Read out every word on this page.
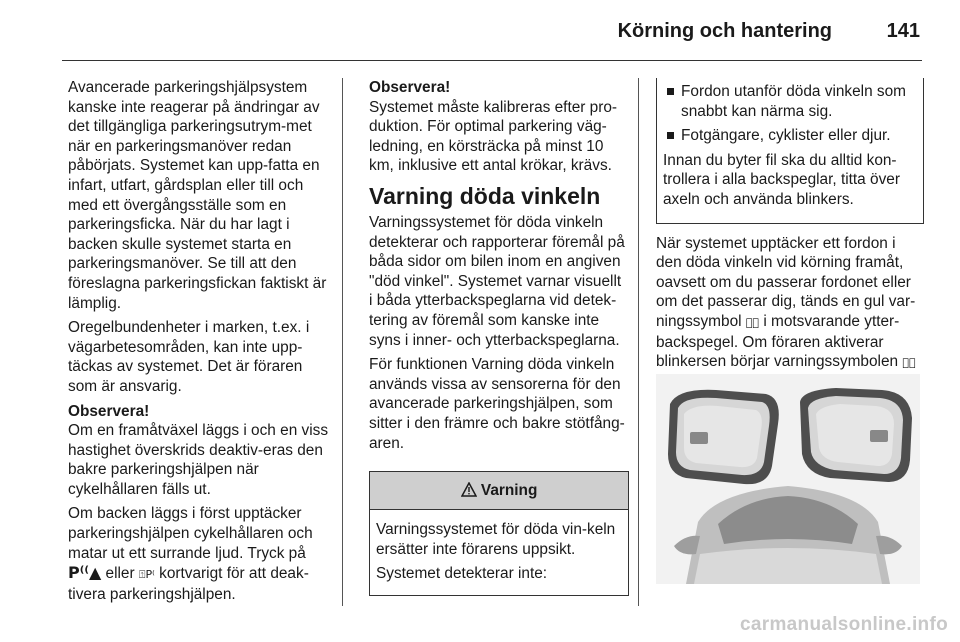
Körning och hantering	141

Avancerade parkeringshjälpsystem kanske inte reagerar på ändringar av det tillgängliga parkeringsutrym-met när en parkeringsmanöver redan påbörjats. Systemet kan upp-fatta en infart, utfart, gårdsplan eller till och med ett övergångsställe som en parkeringsficka. När du har lagt i backen skulle systemet starta en parkeringsmanöver. Se till att den föreslagna parkeringsfickan faktiskt är lämplig.

Oregelbundenheter i marken, t.ex. i vägarbetesområden, kan inte upp-täckas av systemet. Det är föraren som är ansvarig.

Observera!

Om en framåtväxel läggs i och en viss hastighet överskrids deaktiv-eras den bakre parkeringshjälpen när cykelhållaren fälls ut.

Om backen läggs i först upptäcker parkeringshjälpen cykelhållaren och matar ut ett surrande ljud. Tryck på P⁽⁽▲ eller ⍐P⁽ kortvarigt för att deak-tivera parkeringshjälpen.

Observera!

Systemet måste kalibreras efter pro-duktion. För optimal parkering väg-ledning, en körsträcka på minst 10 km, inklusive ett antal krökar, krävs.

Varning döda vinkeln

Varningssystemet för döda vinkeln detekterar och rapporterar föremål på båda sidor om bilen inom en angiven "död vinkel". Systemet varnar visuellt i båda ytterbackspeglarna vid detek-tering av föremål som kanske inte syns i inner- och ytterbackspeglarna.

För funktionen Varning döda vinkeln används vissa av sensorerna för den avancerade parkeringshjälpen, som sitter i den främre och bakre stötfång-aren.

Varning

Varningssystemet för döda vin-keln ersätter inte förarens uppsikt.

Systemet detekterar inte:

Fordon utanför döda vinkeln som snabbt kan närma sig.
Fotgängare, cyklister eller djur.

Innan du byter fil ska du alltid kon-trollera i alla backspeglar, titta över axeln och använda blinkers.

När systemet upptäcker ett fordon i den döda vinkeln vid körning framåt, oavsett om du passerar fordonet eller om det passerar dig, tänds en gul var-ningssymbol ⸗⃝ i motsvarande ytter-backspegel. Om föraren aktiverar blinkersen börjar varningssymbolen ⸗⃝

carmanualsonline.info
